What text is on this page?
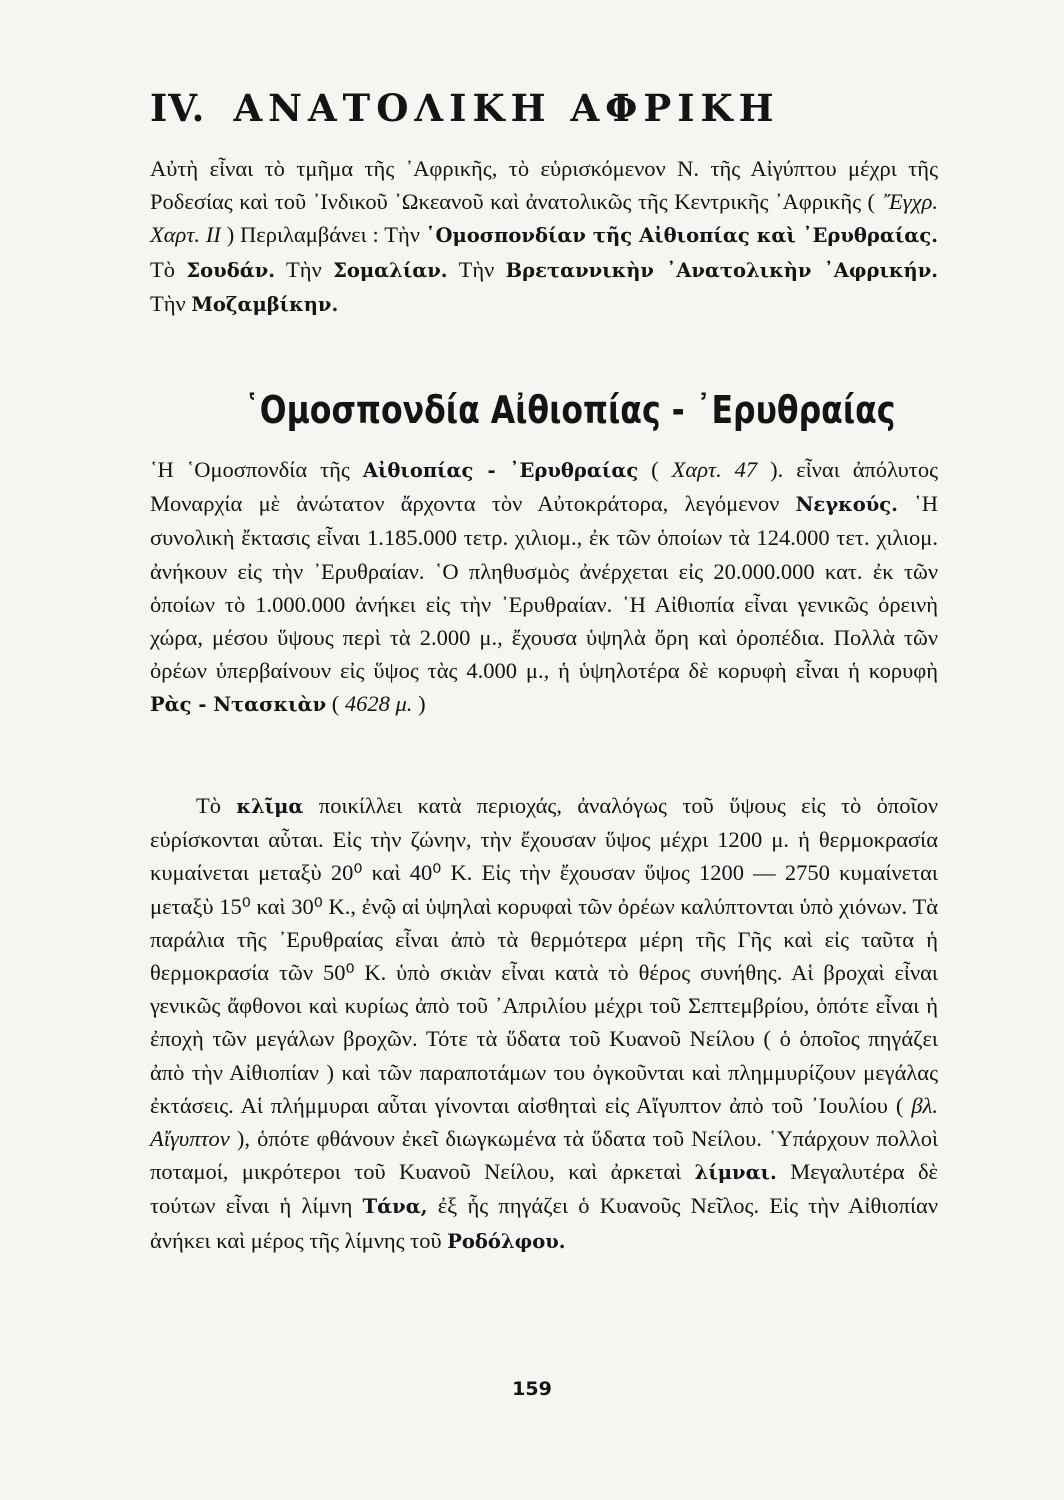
IV. ΑΝΑΤΟΛΙΚΗ ΑΦΡΙΚΗ

Αὐτὴ εἶναι τὸ τμῆμα τῆς ᾿Αφρικῆς, τὸ εὑρισκόμενον Ν. τῆς Αἰγύπτου μέχρι τῆς Ροδεσίας καὶ τοῦ ᾿Ινδικοῦ ᾿Ωκεανοῦ καὶ ἀνατολικῶς τῆς Κεντρικῆς ᾿Αφρικῆς ( ῎Εγχρ. Χαρτ. ΙΙ ) Περιλαμβάνει : Τὴν ῾Ομοσπονδίαν τῆς Αἰθιοπίας καὶ ᾿Ερυθραίας. Τὸ Σουδάν. Τὴν Σομαλίαν. Τὴν Βρεταννικὴν ᾿Ανατολικὴν ᾿Αφρικήν. Τὴν Μοζαμβίκην.

῾Ομοσπονδία Αἰθιοπίας - ᾿Ερυθραίας

῾Η ῾Ομοσπονδία τῆς Αἰθιοπίας - ᾿Ερυθραίας ( Χαρτ. 47 ). εἶναι ἀπόλυτος Μοναρχία μὲ ἀνώτατον ἄρχοντα τὸν Αὐτοκράτορα, λεγόμενον Νεγκούς. ῾Η συνολικὴ ἔκτασις εἶναι 1.185.000 τετρ. χιλιομ., ἐκ τῶν ὁποίων τὰ 124.000 τετ. χιλιομ. ἀνήκουν εἰς τὴν ᾿Ερυθραίαν. ῾Ο πληθυσμὸς ἀνέρχεται εἰς 20.000.000 κατ. ἐκ τῶν ὁποίων τὸ 1.000.000 ἀνήκει εἰς τὴν ᾿Ερυθραίαν. ῾Η Αἰθιοπία εἶναι γενικῶς ὀρεινὴ χώρα, μέσου ὕψους περὶ τὰ 2.000 μ., ἔχουσα ὑψηλὰ ὄρη καὶ ὀροπέδια. Πολλὰ τῶν ὀρέων ὑπερβαίνουν εἰς ὕψος τὰς 4.000 μ., ἡ ὑψηλοτέρα δὲ κορυφὴ εἶναι ἡ κορυφὴ Ρὰς - Ντασκιὰν ( 4628 μ. )

Τὸ κλῖμα ποικίλλει κατὰ περιοχάς, ἀναλόγως τοῦ ὕψους εἰς τὸ ὁποῖον εὑρίσκονται αὗται. Εἰς τὴν ζώνην, τὴν ἔχουσαν ὕψος μέχρι 1200 μ. ἡ θερμοκρασία κυμαίνεται μεταξὺ 20⁰ καὶ 40⁰ Κ. Εἰς τὴν ἔχουσαν ὕψος 1200 — 2750 κυμαίνεται μεταξὺ 15⁰ καὶ 30⁰ Κ., ἐνῷ αἱ ὑψηλαὶ κορυφαὶ τῶν ὀρέων καλύπτονται ὑπὸ χιόνων. Τὰ παράλια τῆς ᾿Ερυθραίας εἶναι ἀπὸ τὰ θερμότερα μέρη τῆς Γῆς καὶ εἰς ταῦτα ἡ θερμοκρασία τῶν 50⁰ Κ. ὑπὸ σκιὰν εἶναι κατὰ τὸ θέρος συνήθης. Αἱ βροχαὶ εἶναι γενικῶς ἄφθονοι καὶ κυρίως ἀπὸ τοῦ ᾿Απριλίου μέχρι τοῦ Σεπτεμβρίου, ὁπότε εἶναι ἡ ἐποχὴ τῶν μεγάλων βροχῶν. Τότε τὰ ὕδατα τοῦ Κυανοῦ Νείλου ( ὁ ὁποῖος πηγάζει ἀπὸ τὴν Αἰθιοπίαν ) καὶ τῶν παραποτάμων του ὀγκοῦνται καὶ πλημμυρίζουν μεγάλας ἐκτάσεις. Αἱ πλήμμυραι αὗται γίνονται αἰσθηταὶ εἰς Αἴγυπτον ἀπὸ τοῦ ᾿Ιουλίου ( βλ. Αἴγυπτον ), ὁπότε φθάνουν ἐκεῖ διωγκωμένα τὰ ὕδατα τοῦ Νείλου. ῾Υπάρχουν πολλοὶ ποταμοί, μικρότεροι τοῦ Κυανοῦ Νείλου, καὶ ἀρκεταὶ λίμναι. Μεγαλυτέρα δὲ τούτων εἶναι ἡ λίμνη Τάνα, ἐξ ἧς πηγάζει ὁ Κυανοῦς Νεῖλος. Εἰς τὴν Αἰθιοπίαν ἀνήκει καὶ μέρος τῆς λίμνης τοῦ Ροδόλφου.

159
